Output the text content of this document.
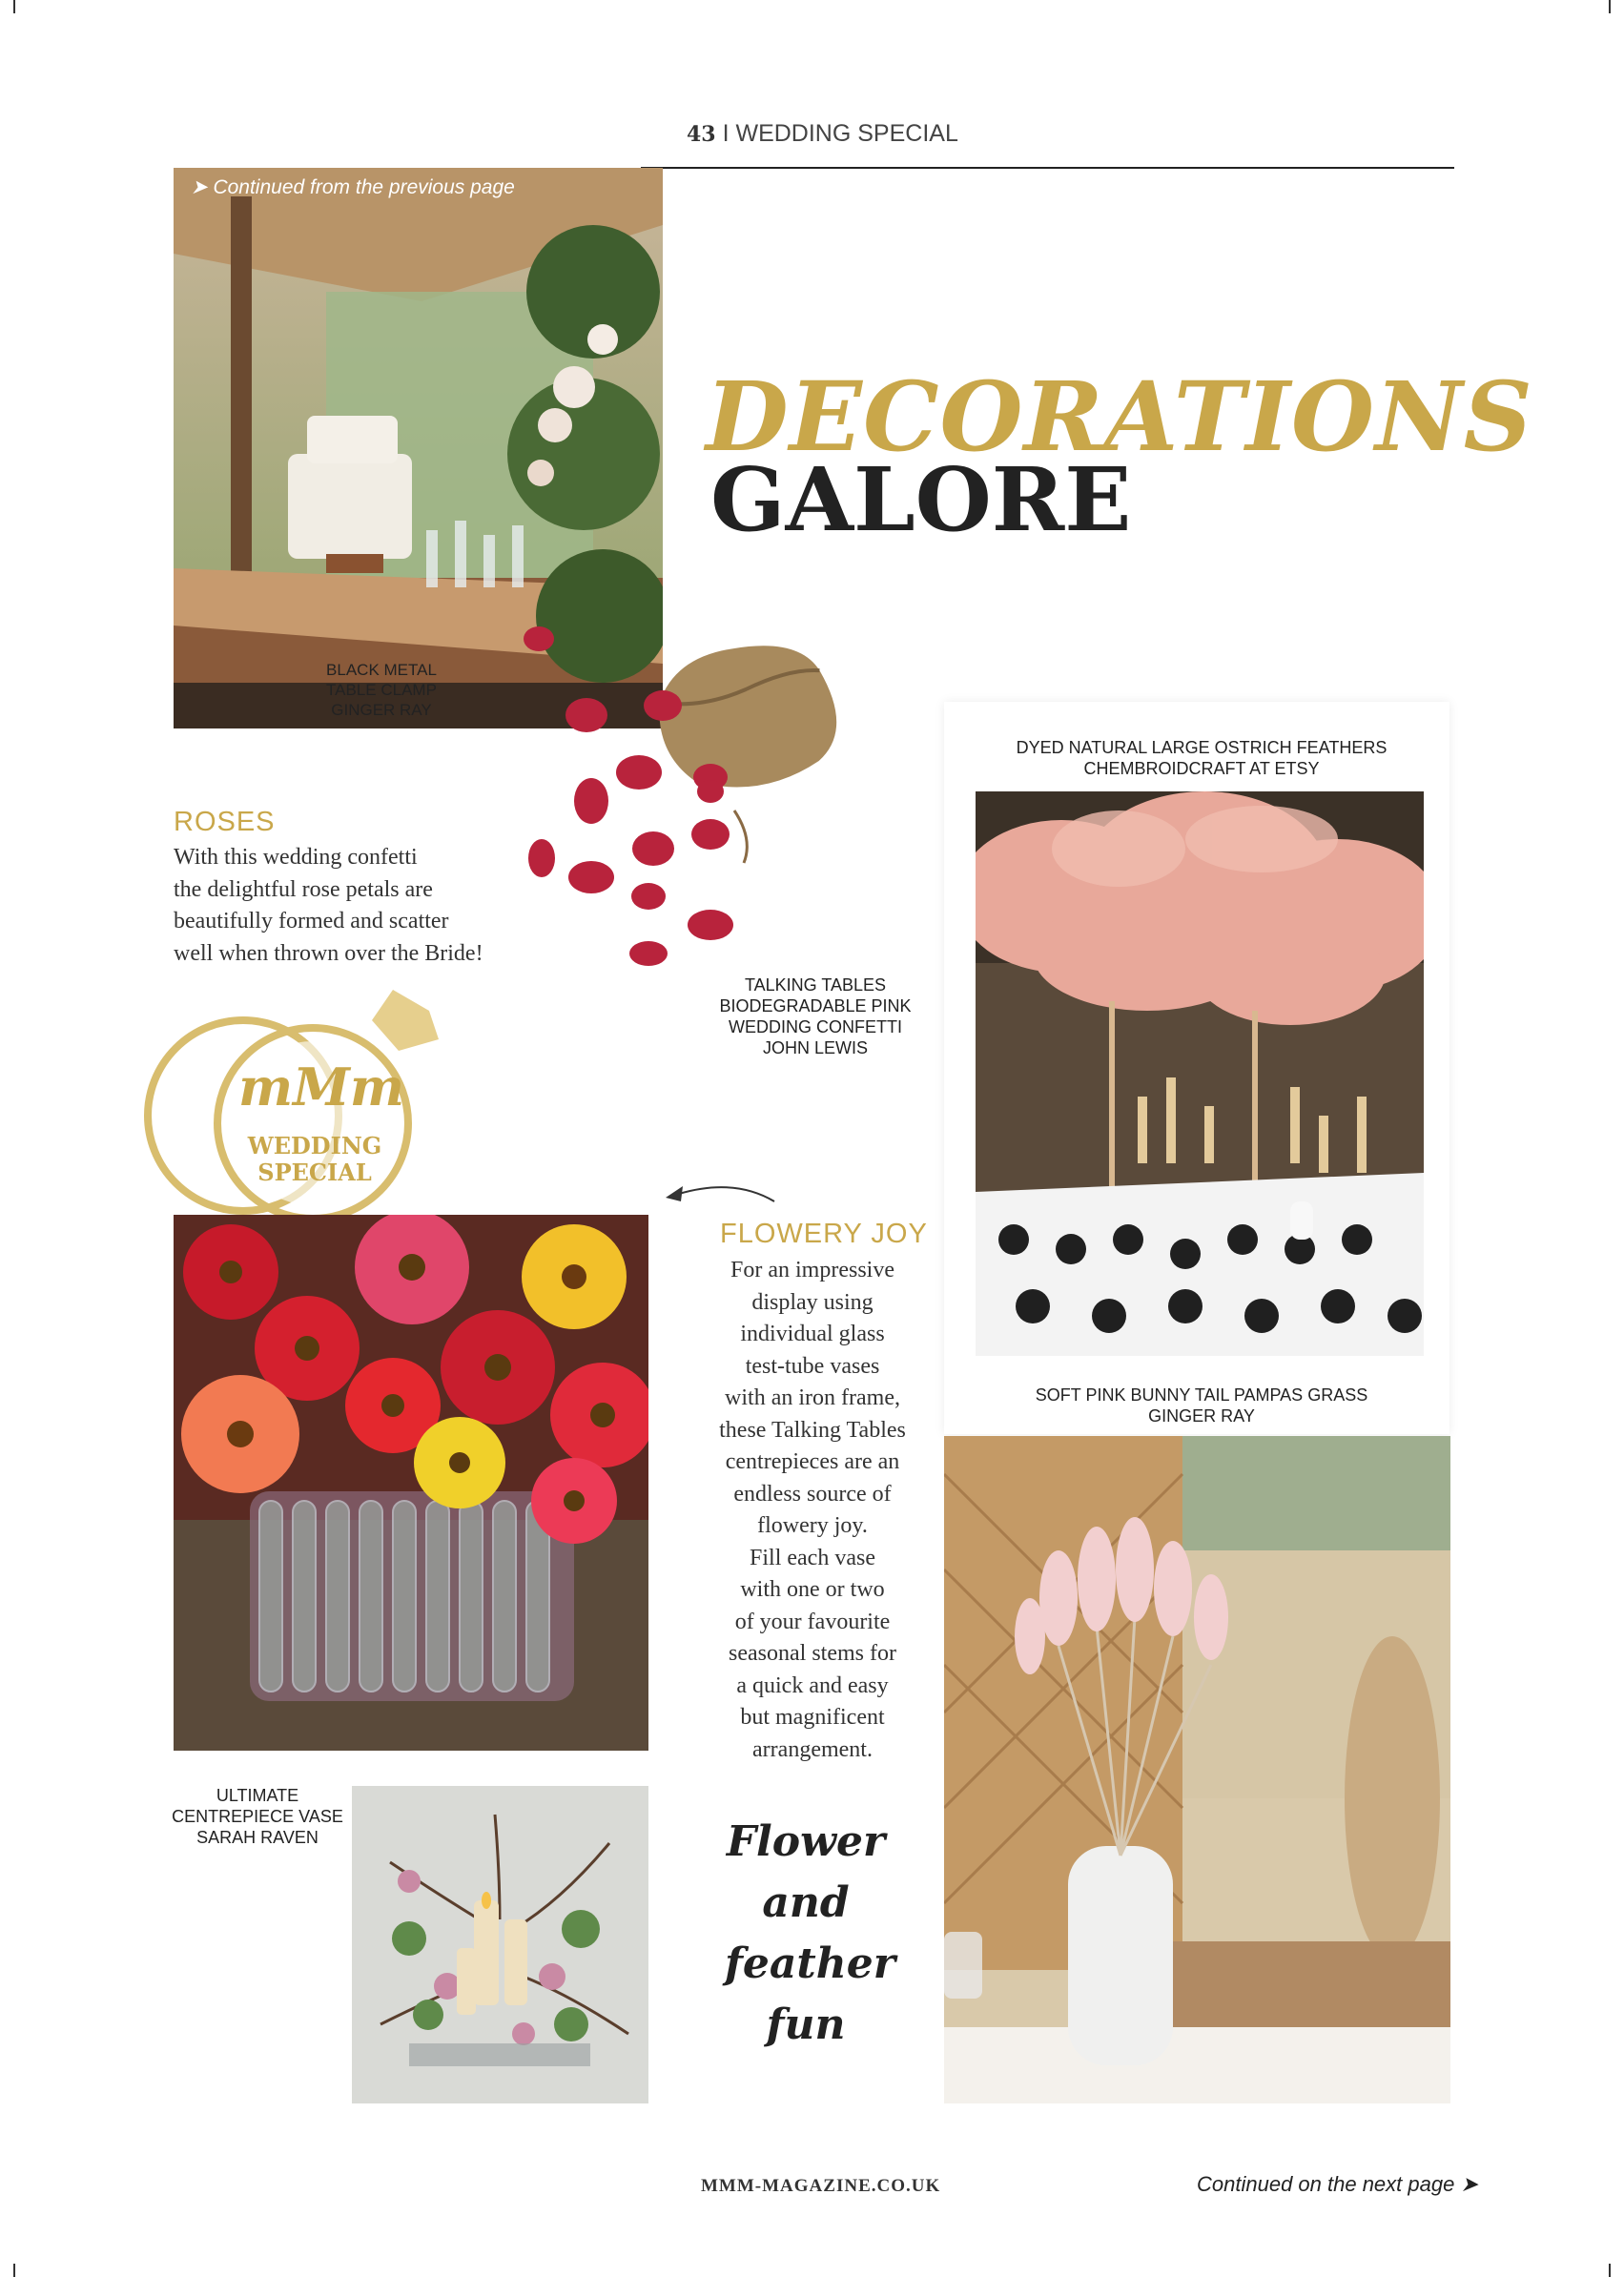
43 I WEDDING SPECIAL
➤ Continued from the previous page
BLACK METAL
TABLE CLAMP
GINGER RAY
DECORATIONS
GALORE
ROSES
With this wedding confetti
the delightful rose petals are
beautifully formed and scatter
well when thrown over the Bride!
TALKING TABLES
BIODEGRADABLE PINK
WEDDING CONFETTI
JOHN LEWIS
DYED NATURAL LARGE OSTRICH FEATHERS
CHEMBROIDCRAFT AT ETSY
SOFT PINK BUNNY TAIL PAMPAS GRASS
GINGER RAY
mMm
WEDDING
SPECIAL
FLOWERY JOY
For an impressive
display using
individual glass
test-tube vases
with an iron frame,
these Talking Tables
centrepieces are an
endless source of
flowery joy.
Fill each vase
with one or two
of your favourite
seasonal stems for
a quick and easy
but magnificent
arrangement.
ULTIMATE
CENTREPIECE VASE
SARAH RAVEN	Flower
and
feather
fun
MMM-MAGAZINE.CO.UK	Continued on the next page ➤
